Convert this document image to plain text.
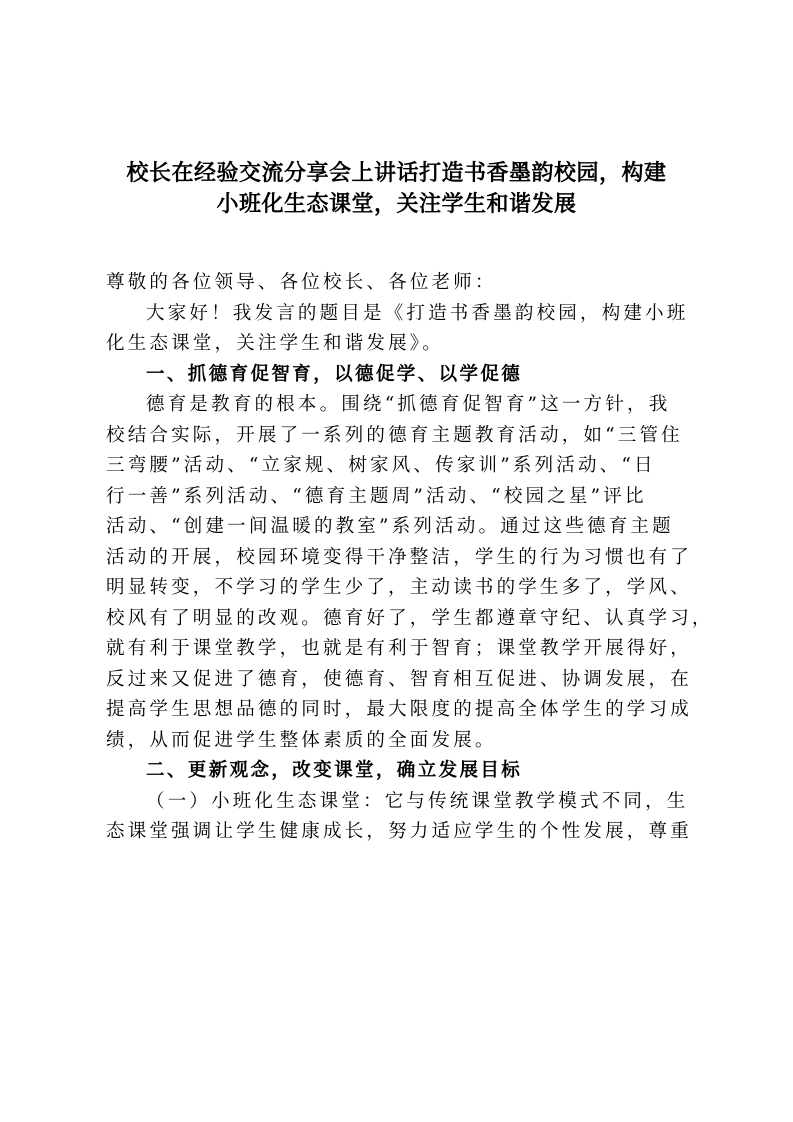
校长在经验交流分享会上讲话打造书香墨韵校园，构建
小班化生态课堂，关注学生和谐发展
尊敬的各位领导、各位校长、各位老师：
大家好！我发言的题目是《打造书香墨韵校园，构建小班
化生态课堂，关注学生和谐发展》。
一、抓德育促智育，以德促学、以学促德
德育是教育的根本。围绕“抓德育促智育”这一方针，我
校结合实际，开展了一系列的德育主题教育活动，如“三管住
三弯腰”活动、“立家规、树家风、传家训”系列活动、“日
行一善”系列活动、“德育主题周”活动、“校园之星”评比
活动、“创建一间温暖的教室”系列活动。通过这些德育主题
活动的开展，校园环境变得干净整洁，学生的行为习惯也有了
明显转变，不学习的学生少了，主动读书的学生多了，学风、
校风有了明显的改观。德育好了，学生都遵章守纪、认真学习，
就有利于课堂教学，也就是有利于智育；课堂教学开展得好，
反过来又促进了德育，使德育、智育相互促进、协调发展，在
提高学生思想品德的同时，最大限度的提高全体学生的学习成
绩，从而促进学生整体素质的全面发展。
二、更新观念，改变课堂，确立发展目标
（一）小班化生态课堂：它与传统课堂教学模式不同，生
态课堂强调让学生健康成长，努力适应学生的个性发展，尊重
